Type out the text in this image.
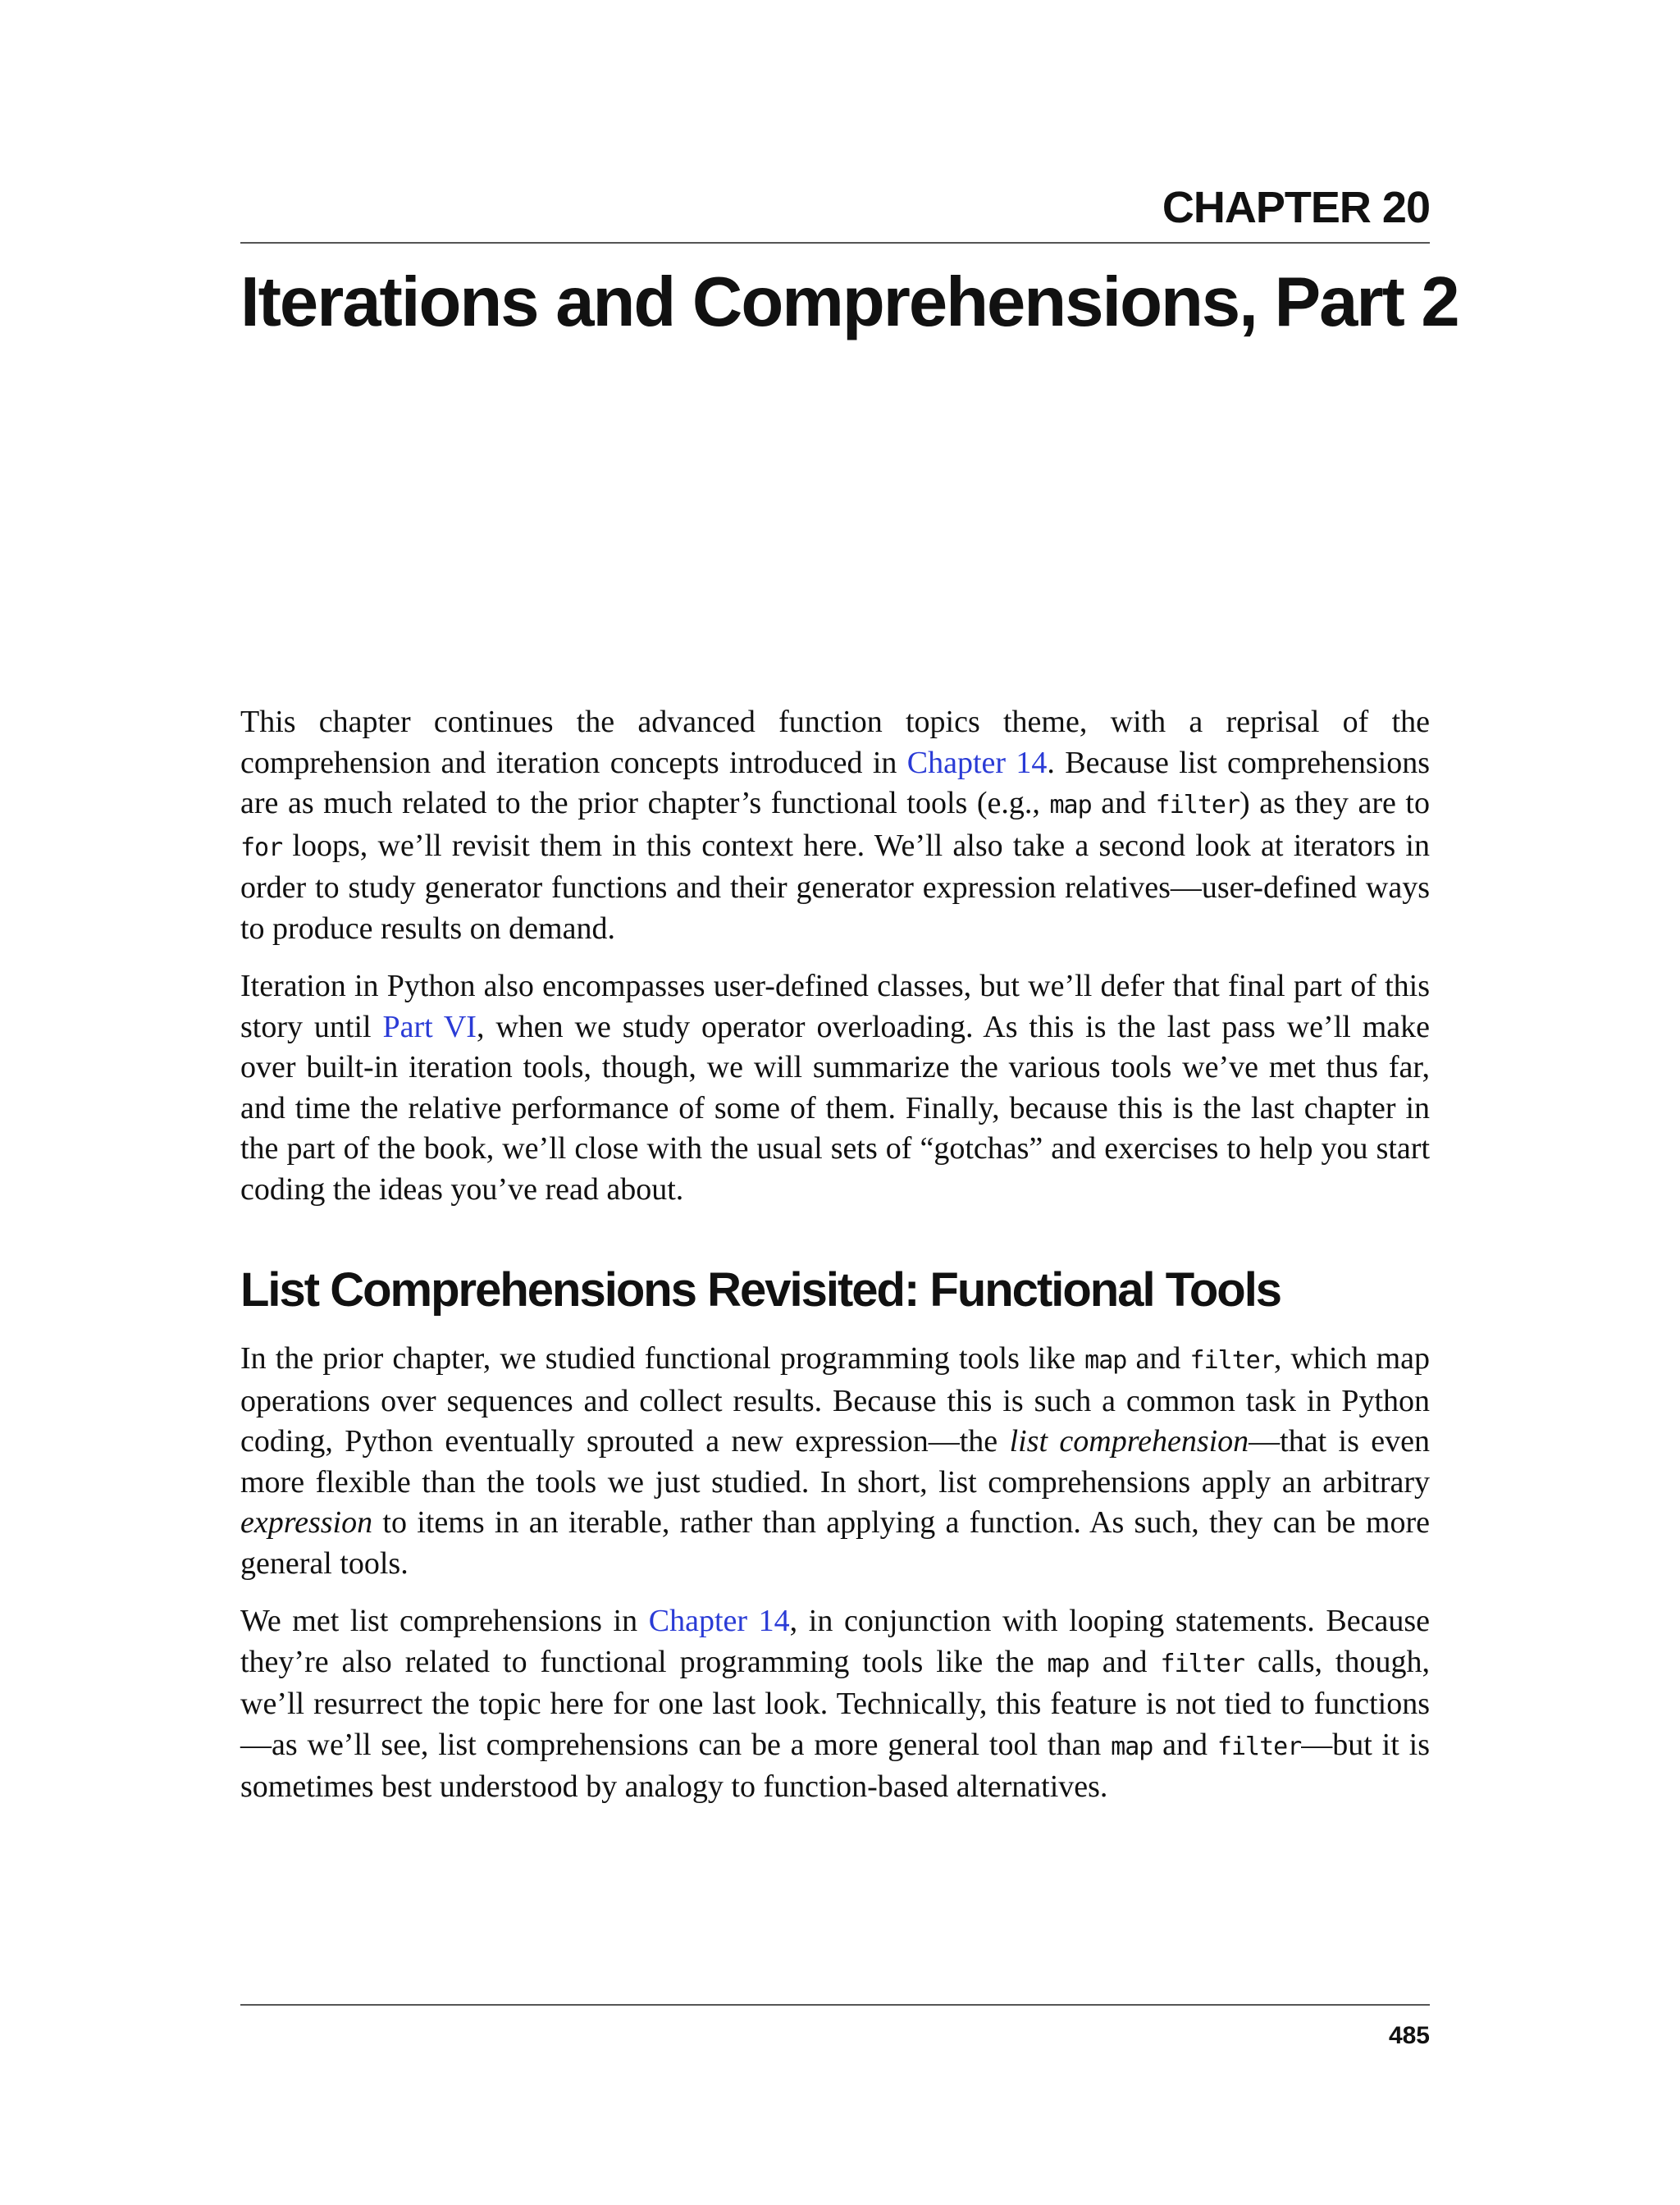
CHAPTER 20
Iterations and Comprehensions, Part 2

This chapter continues the advanced function topics theme, with a reprisal of the comprehension and iteration concepts introduced in Chapter 14. Because list comprehensions are as much related to the prior chapter’s functional tools (e.g., map and filter) as they are to for loops, we’ll revisit them in this context here. We’ll also take a second look at iterators in order to study generator functions and their generator expression relatives—user-defined ways to produce results on demand.

Iteration in Python also encompasses user-defined classes, but we’ll defer that final part of this story until Part VI, when we study operator overloading. As this is the last pass we’ll make over built-in iteration tools, though, we will summarize the various tools we’ve met thus far, and time the relative performance of some of them. Finally, because this is the last chapter in the part of the book, we’ll close with the usual sets of “gotchas” and exercises to help you start coding the ideas you’ve read about.

List Comprehensions Revisited: Functional Tools

In the prior chapter, we studied functional programming tools like map and filter, which map operations over sequences and collect results. Because this is such a common task in Python coding, Python eventually sprouted a new expression—the list comprehension—that is even more flexible than the tools we just studied. In short, list comprehensions apply an arbitrary expression to items in an iterable, rather than applying a function. As such, they can be more general tools.

We met list comprehensions in Chapter 14, in conjunction with looping statements. Because they’re also related to functional programming tools like the map and filter calls, though, we’ll resurrect the topic here for one last look. Technically, this feature is not tied to functions—as we’ll see, list comprehensions can be a more general tool than map and filter—but it is sometimes best understood by analogy to function-based alternatives.

485
